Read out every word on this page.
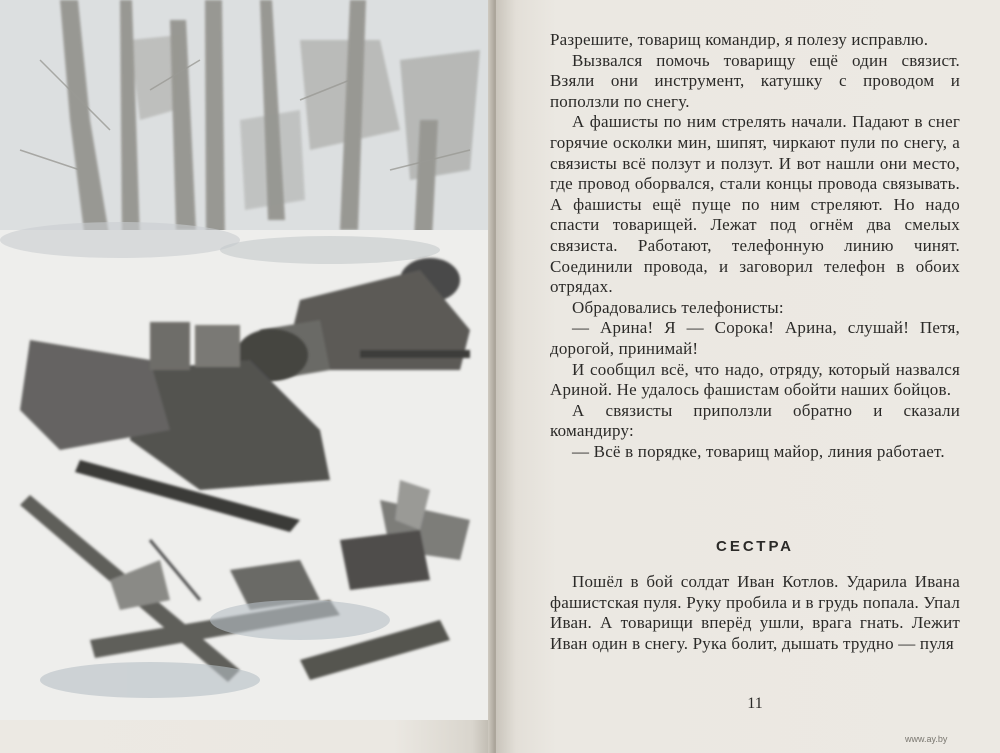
Разрешите, товарищ командир, я полезу исправлю.

Вызвался помочь товарищу ещё один связист. Взяли они инструмент, катушку с проводом и поползли по снегу.

А фашисты по ним стрелять начали. Падают в снег горячие осколки мин, шипят, чиркают пули по снегу, а связисты всё ползут и ползут. И вот нашли они место, где провод оборвался, стали концы провода связывать. А фашисты ещё пуще по ним стреляют. Но надо спасти товарищей. Лежат под огнём два смелых связиста. Работают, телефонную линию чинят. Соединили провода, и заговорил телефон в обоих отрядах.

Обрадовались телефонисты:

— Арина! Я — Сорока! Арина, слушай! Петя, дорогой, принимай!

И сообщил всё, что надо, отряду, который назвался Ариной. Не удалось фашистам обойти наших бойцов.

А связисты приползли обратно и сказали командиру:

— Всё в порядке, товарищ майор, линия работает.

СЕСТРА

Пошёл в бой солдат Иван Котлов. Ударила Ивана фашистская пуля. Руку пробила и в грудь попала. Упал Иван. А товарищи вперёд ушли, врага гнать. Лежит Иван один в снегу. Рука болит, дышать трудно — пуля

11
www.ay.by
